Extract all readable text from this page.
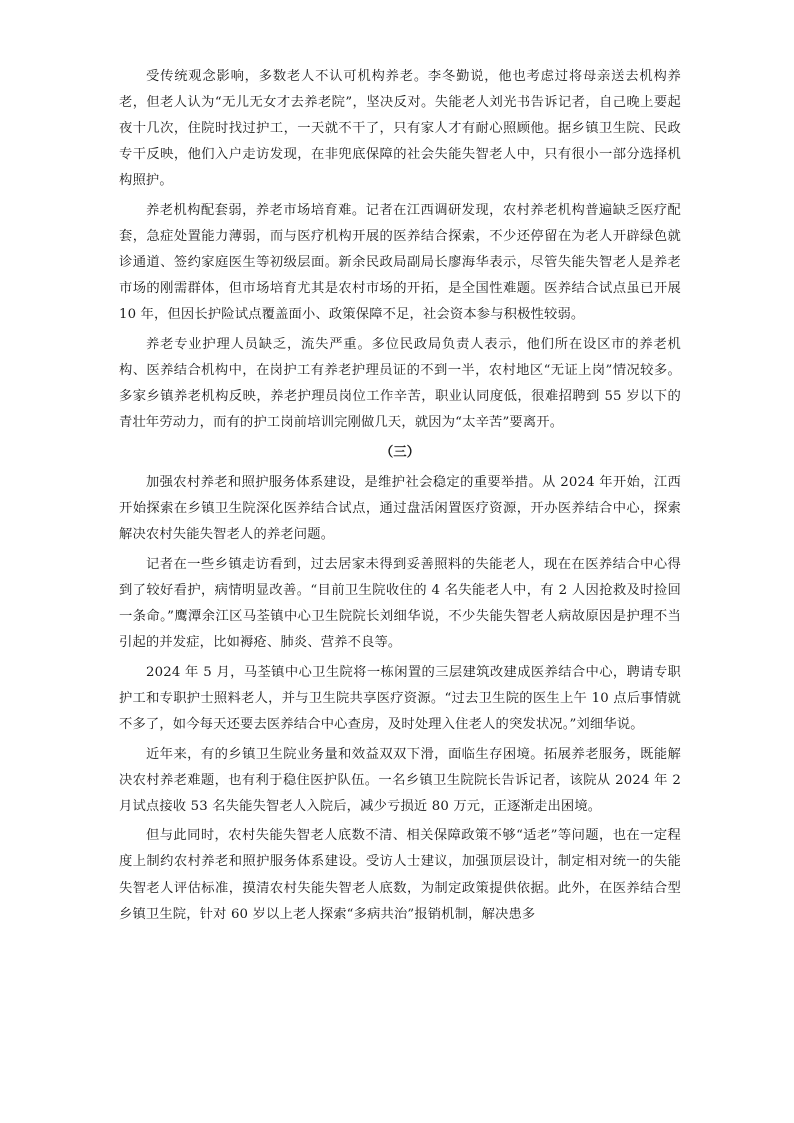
受传统观念影响，多数老人不认可机构养老。李冬勤说，他也考虑过将母亲送去机构养老，但老人认为“无儿无女才去养老院”，坚决反对。失能老人刘光书告诉记者，自己晚上要起夜十几次，住院时找过护工，一天就不干了，只有家人才有耐心照顾他。据乡镇卫生院、民政专干反映，他们入户走访发现，在非兜底保障的社会失能失智老人中，只有很小一部分选择机构照护。

养老机构配套弱，养老市场培育难。记者在江西调研发现，农村养老机构普遍缺乏医疗配套，急症处置能力薄弱，而与医疗机构开展的医养结合探索，不少还停留在为老人开辟绿色就诊通道、签约家庭医生等初级层面。新余民政局副局长廖海华表示，尽管失能失智老人是养老市场的刚需群体，但市场培育尤其是农村市场的开拓，是全国性难题。医养结合试点虽已开展 10 年，但因长护险试点覆盖面小、政策保障不足，社会资本参与积极性较弱。

养老专业护理人员缺乏，流失严重。多位民政局负责人表示，他们所在设区市的养老机构、医养结合机构中，在岗护工有养老护理员证的不到一半，农村地区“无证上岗”情况较多。多家乡镇养老机构反映，养老护理员岗位工作辛苦，职业认同度低，很难招聘到 55 岁以下的青壮年劳动力，而有的护工岗前培训完刚做几天，就因为“太辛苦”要离开。

（三）

加强农村养老和照护服务体系建设，是维护社会稳定的重要举措。从 2024 年开始，江西开始探索在乡镇卫生院深化医养结合试点，通过盘活闲置医疗资源，开办医养结合中心，探索解决农村失能失智老人的养老问题。

记者在一些乡镇走访看到，过去居家未得到妥善照料的失能老人，现在在医养结合中心得到了较好看护，病情明显改善。“目前卫生院收住的 4 名失能老人中，有 2 人因抢救及时捡回一条命。”鹰潭余江区马荃镇中心卫生院院长刘细华说，不少失能失智老人病故原因是护理不当引起的并发症，比如褥疮、肺炎、营养不良等。

2024 年 5 月，马荃镇中心卫生院将一栋闲置的三层建筑改建成医养结合中心，聘请专职护工和专职护士照料老人，并与卫生院共享医疗资源。“过去卫生院的医生上午 10 点后事情就不多了，如今每天还要去医养结合中心查房，及时处理入住老人的突发状况。”刘细华说。

近年来，有的乡镇卫生院业务量和效益双双下滑，面临生存困境。拓展养老服务，既能解决农村养老难题，也有利于稳住医护队伍。一名乡镇卫生院院长告诉记者，该院从 2024 年 2 月试点接收 53 名失能失智老人入院后，减少亏损近 80 万元，正逐渐走出困境。

但与此同时，农村失能失智老人底数不清、相关保障政策不够“适老”等问题，也在一定程度上制约农村养老和照护服务体系建设。受访人士建议，加强顶层设计，制定相对统一的失能失智老人评估标准，摸清农村失能失智老人底数，为制定政策提供依据。此外，在医养结合型乡镇卫生院，针对 60 岁以上老人探索“多病共治”报销机制，解决患多
